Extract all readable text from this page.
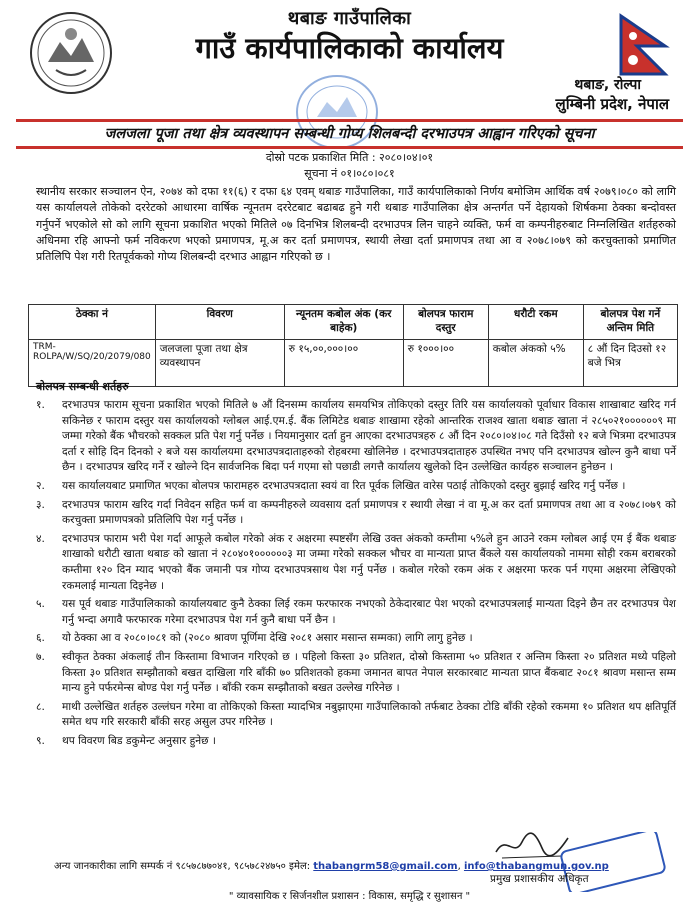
थबाङ गाउँपालिका
गाउँ कार्यपालिकाको कार्यालय
थबाङ, रोल्पा
लुम्बिनी प्रदेश, नेपाल
जलजला पूजा तथा क्षेत्र व्यवस्थापन सम्बन्धी गोप्य शिलबन्दी दरभाउपत्र आह्वान गरिएको सूचना
दोस्रो पटक प्रकाशित मिति : २०८०।०४।०१
सूचना नं ०१।०८०।०८१
स्थानीय सरकार सञ्चालन ऐन, २०७४ को दफा ११(६) र दफा ६४ एवम् थबाङ गाउँपालिका, गाउँ कार्यपालिकाको निर्णय बमोजिम आर्थिक वर्ष २०७९।०८० को लागि यस कार्यालयले तोकेको दररेटको आधारमा वार्षिक न्यूनतम दररेटबाट बढाबढ हुने गरी थबाङ गाउँपालिका क्षेत्र अन्तर्गत पर्ने देहायको शिर्षकमा ठेक्का बन्दोवस्त गर्नुपर्ने भएकोले सो को लागि सूचना प्रकाशित भएको मितिले ०७ दिनभित्र शिलबन्दी दरभाउपत्र लिन चाहने व्यक्ति, फर्म वा कम्पनीहरुबाट निम्नलिखित शर्तहरुको अधिनमा रहि आफ्नो फर्म नविकरण भएको प्रमाणपत्र, मू.अ कर दर्ता प्रमाणपत्र, स्थायी लेखा दर्ता प्रमाणपत्र तथा आ व २०७८।०७९ को करचुक्ताको प्रमाणित प्रतिलिपि पेश गरी रितपूर्वकको गोप्य शिलबन्दी दरभाउ आह्वान गरिएको छ ।
ठेक्का नं	विवरण	न्यूनतम कबोल अंक (कर बाहेक)	बोलपत्र फाराम दस्तुर	धरौटी रकम	बोलपत्र पेश गर्ने अन्तिम मिति
TRM-ROLPA/W/SQ/20/2079/080	जलजला पूजा तथा क्षेत्र व्यवस्थापन	रु १५,००,०००।००	रु १०००।००	कबोल अंकको ५%	८ औं दिन दिउसो १२ बजे भित्र
बोलपत्र सम्बन्धी शर्तहरु
१.	दरभाउपत्र फाराम सूचना प्रकाशित भएको मितिले ७ औं दिनसम्म कार्यालय समयभित्र तोकिएको दस्तुर तिरि यस कार्यालयको पूर्वाधार विकास शाखाबाट खरिद गर्न सकिनेछ र फाराम दस्तुर यस कार्यालयको ग्लोबल आई.एम.ई. बैंक लिमिटेड थबाङ शाखामा रहेको आन्तरिक राजश्व खाता थबाङ खाता नं २८५०२१००००००९ मा जम्मा गरेको बैंक भौचरको सक्कल प्रति पेश गर्नु पर्नेछ । नियमानुसार दर्ता हुन आएका दरभाउपत्रहरु ८ औं दिन २०८०।०४।०८ गते दिउँसो १२ बजे भित्रमा दरभाउपत्र दर्ता र सोहि दिन दिनको २ बजे यस कार्यालयमा दरभाउपत्रदाताहरुको रोहबरमा खोलिनेछ । दरभाउपत्रदाताहरु उपस्थित नभए पनि दरभाउपत्र खोल्न कुनै बाधा पर्ने छैन । दरभाउपत्र खरिद गर्ने र खोल्ने दिन सार्वजनिक बिदा पर्न गएमा सो पछाडी लगत्तै कार्यालय खुलेको दिन उल्लेखित कार्यहरु सञ्चालन हुनेछन ।
२.	यस कार्यालयबाट प्रमाणित भएका बोलपत्र फारामहरु दरभाउपत्रदाता स्वयं वा रित पूर्वक लिखित वारेस पठाई तोकिएको दस्तुर बुझाई खरिद गर्नु पर्नेछ ।
३.	दरभाउपत्र फाराम खरिद गर्दा निवेदन सहित फर्म वा कम्पनीहरुले व्यवसाय दर्ता प्रमाणपत्र र स्थायी लेखा नं वा मू.अ कर दर्ता प्रमाणपत्र तथा आ व २०७८।०७९ को करचुक्ता प्रमाणपत्रको प्रतिलिपि पेश गर्नु पर्नेछ ।
४.	दरभाउपत्र फाराम भरी पेश गर्दा आफूले कबोल गरेको अंक र अक्षरमा स्पष्टसँग लेखि उक्त अंकको कम्तीमा ५%ले हुन आउने रकम ग्लोबल आई एम ई बैंक थबाङ शाखाको धरौटी खाता थबाङ को खाता नं २८०४०१००००००३ मा जम्मा गरेको सक्कल भौचर वा मान्यता प्राप्त बैंकले यस कार्यालयको नाममा सोही रकम बराबरको कम्तीमा १२० दिन म्याद भएको बैंक जमानी पत्र गोप्य दरभाउपत्रसाथ पेश गर्नु पर्नेछ । कबोल गरेको रकम अंक र अक्षरमा फरक पर्न गएमा अक्षरमा लेखिएको रकमलाई मान्यता दिइनेछ ।
५.	यस पूर्व थबाङ गाउँपालिकाको कार्यालयबाट कुनै ठेक्का लिई रकम फरफारक नभएको ठेकेदारबाट पेश भएको दरभाउपत्रलाई मान्यता दिइने छैन तर दरभाउपत्र पेश गर्नु भन्दा अगावै फरफारक गरेमा दरभाउपत्र पेश गर्न कुनै बाधा पर्ने छैन ।
६.	यो ठेक्का आ व २०८०।०८१ को (२०८० श्रावण पूर्णिमा देखि २०८१ असार मसान्त सम्मका) लागि लागु हुनेछ ।
७.	स्वीकृत ठेक्का अंकलाई तीन किस्तामा विभाजन गरिएको छ । पहिलो किस्ता ३० प्रतिशत, दोस्रो किस्तामा ५० प्रतिशत र अन्तिम किस्ता २० प्रतिशत मध्ये पहिलो किस्ता ३० प्रतिशत सम्झौताको बखत दाखिला गरि बाँकी ७० प्रतिशतको हकमा जमानत बापत नेपाल सरकारबाट मान्यता प्राप्त बैंकबाट २०८१ श्रावण मसान्त सम्म मान्य हुने पर्फरमेन्स बोण्ड पेश गर्नु पर्नेछ । बाँकी रकम सम्झौताको बखत उल्लेख गरिनेछ ।
८.	माथी उल्लेखित शर्तहरु उल्लंघन गरेमा वा तोकिएको किस्ता म्यादभित्र नबुझाएमा गाउँपालिकाको तर्फबाट ठेक्का टोडि बाँकी रहेको रकममा १० प्रतिशत थप क्षतिपूर्ति समेत थप गरि सरकारी बाँकी सरह असुल उपर गरिनेछ ।
९.	थप विवरण बिड डकुमेन्ट अनुसार हुनेछ ।
अन्य जानकारीका लागि सम्पर्क नं ९८५७८७७०४१, ९८५७८२४७५० इमेल: thabangrm58@gmail.com, info@thabangmun.gov.np
प्रमुख प्रशासकीय अधिकृत
" व्यावसायिक र सिर्जनशील प्रशासन : विकास, समृद्धि र सुशासन "
